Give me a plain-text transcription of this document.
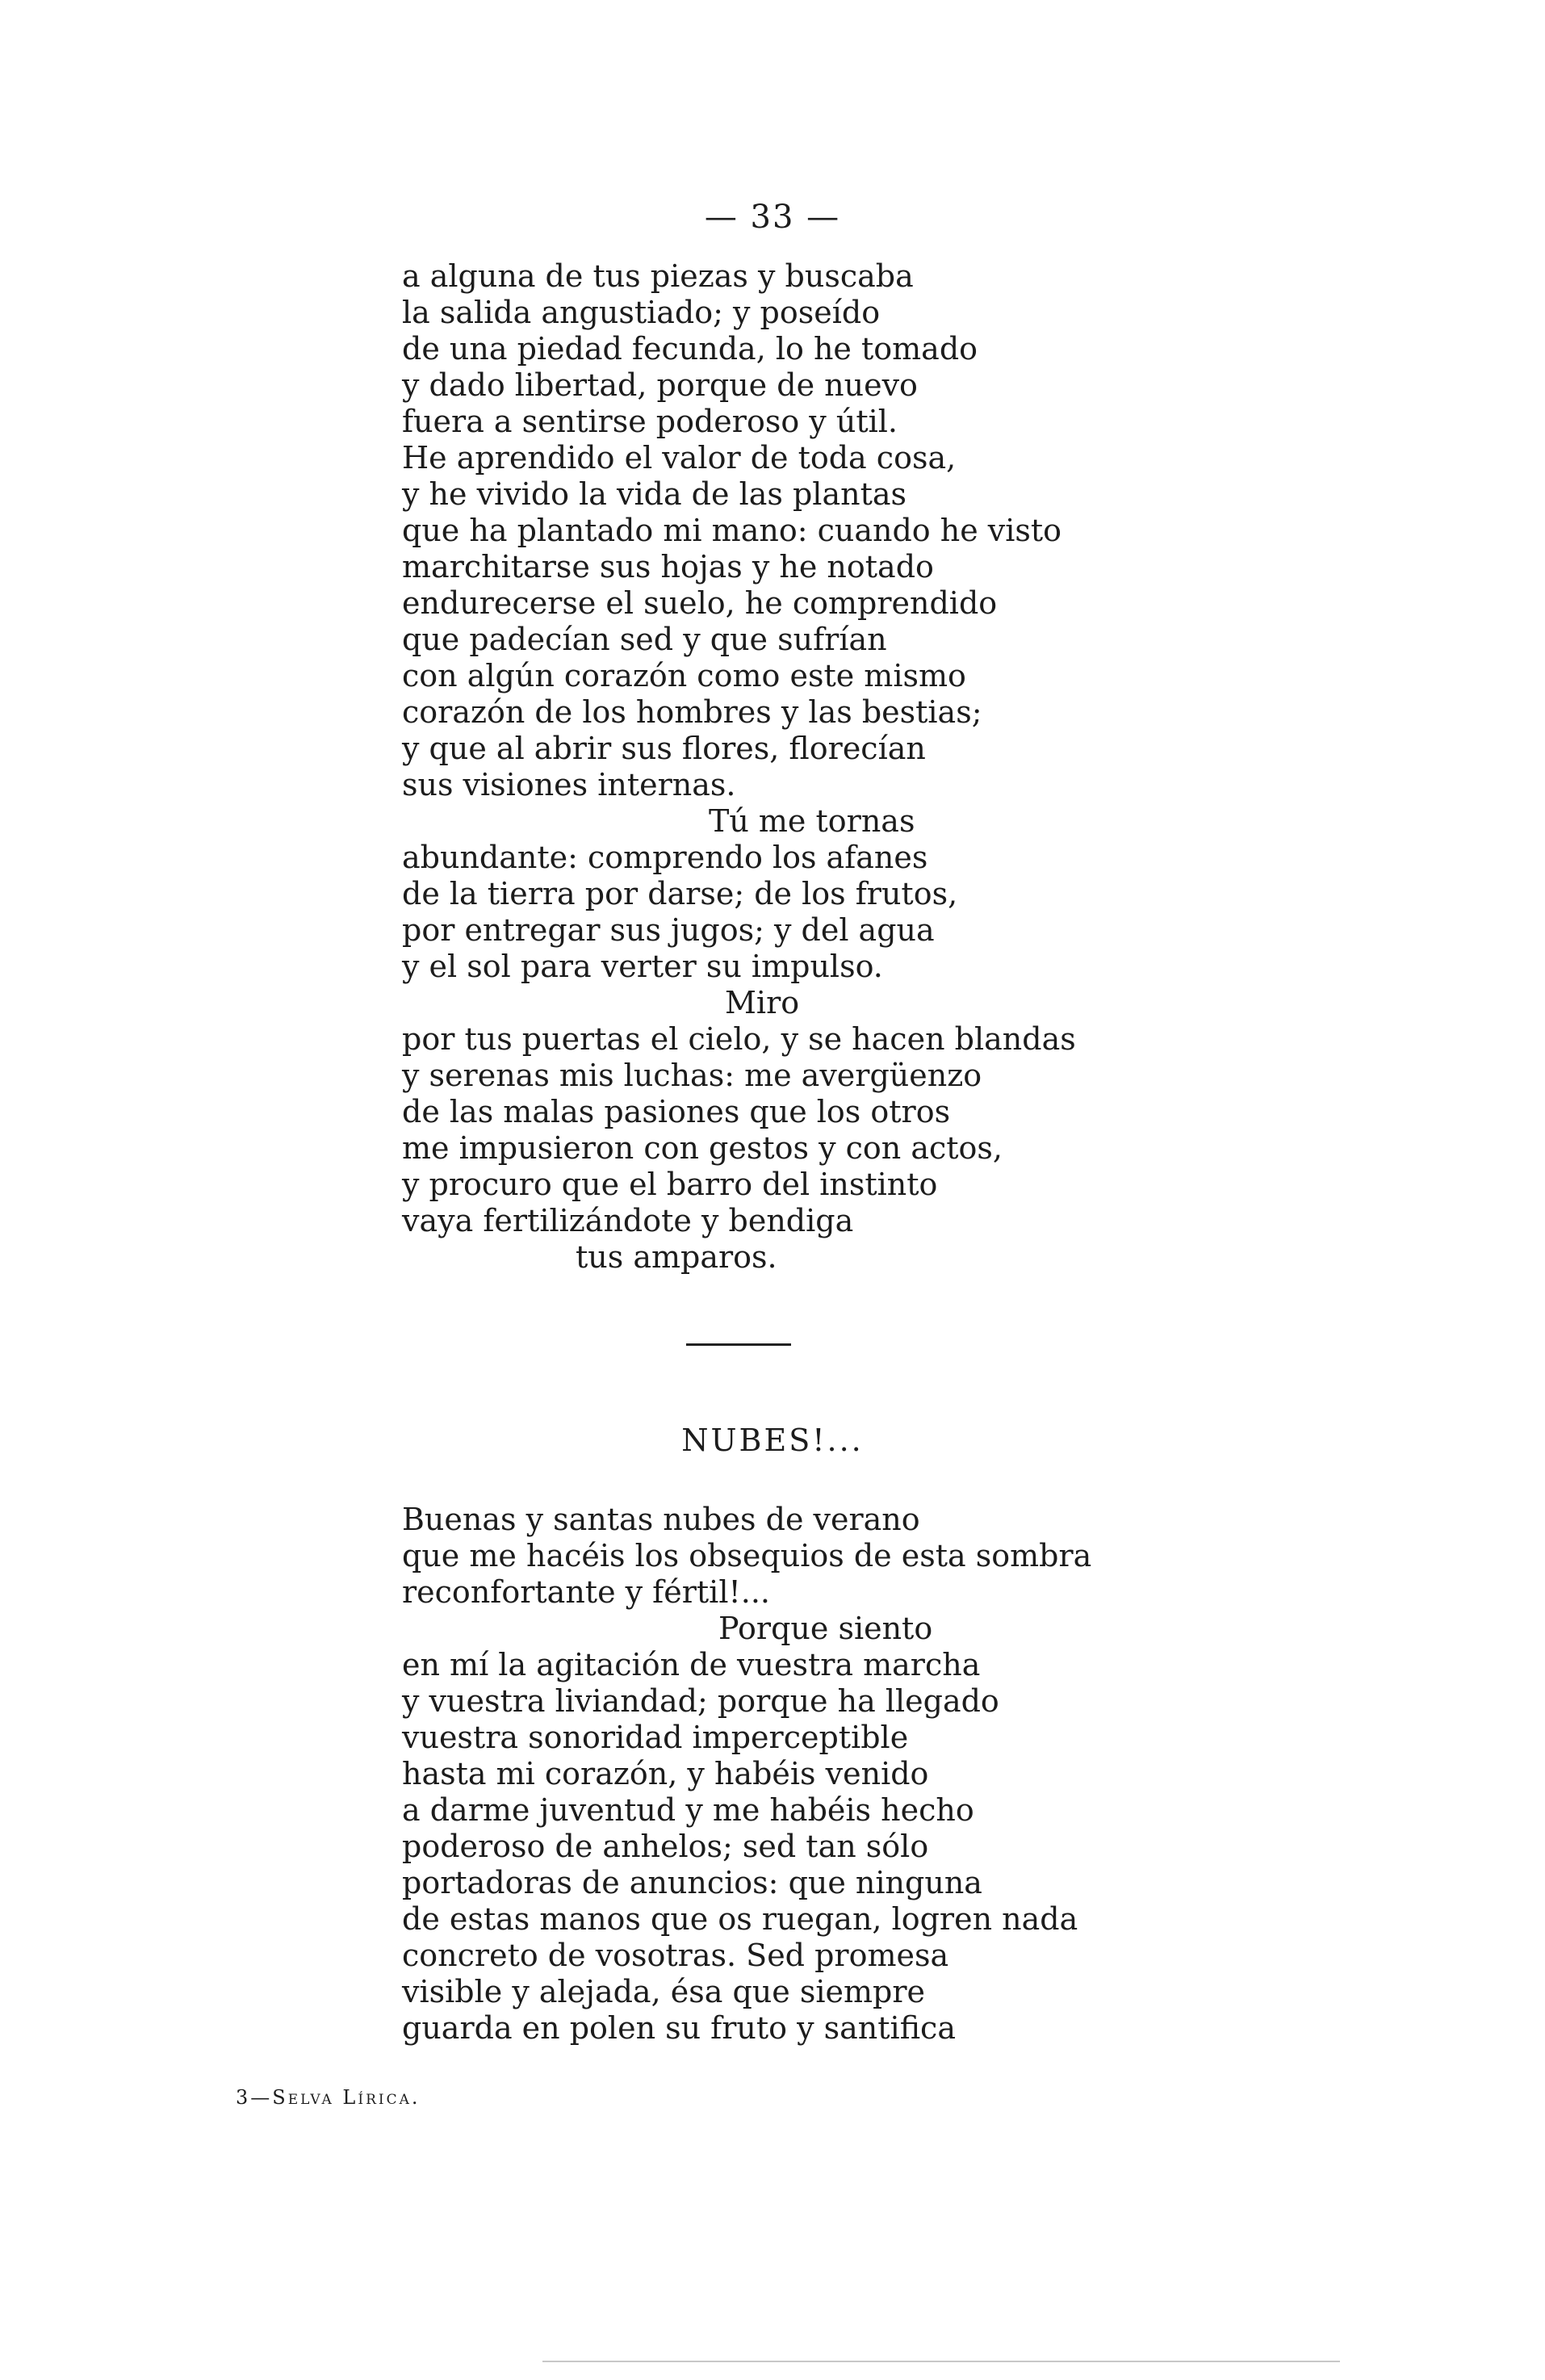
— 33 —
a alguna de tus piezas y buscaba
la salida angustiado; y poseído
de una piedad fecunda, lo he tomado
y dado libertad, porque de nuevo
fuera a sentirse poderoso y útil.
He aprendido el valor de toda cosa,
y he vivido la vida de las plantas
que ha plantado mi mano: cuando he visto
marchitarse sus hojas y he notado
endurecerse el suelo, he comprendido
que padecían sed y que sufrían
con algún corazón como este mismo
corazón de los hombres y las bestias;
y que al abrir sus flores, florecían
sus visiones internas.
Tú me tornas
abundante: comprendo los afanes
de la tierra por darse; de los frutos,
por entregar sus jugos; y del agua
y el sol para verter su impulso.
Miro
por tus puertas el cielo, y se hacen blandas
y serenas mis luchas: me avergüenzo
de las malas pasiones que los otros
me impusieron con gestos y con actos,
y procuro que el barro del instinto
vaya fertilizándote y bendiga
tus amparos.
NUBES!...
Buenas y santas nubes de verano
que me hacéis los obsequios de esta sombra
reconfortante y fértil!...
Porque siento
en mí la agitación de vuestra marcha
y vuestra liviandad; porque ha llegado
vuestra sonoridad imperceptible
hasta mi corazón, y habéis venido
a darme juventud y me habéis hecho
poderoso de anhelos; sed tan sólo
portadoras de anuncios: que ninguna
de estas manos que os ruegan, logren nada
concreto de vosotras. Sed promesa
visible y alejada, ésa que siempre
guarda en polen su fruto y santifica
3—Selva Lírica.
